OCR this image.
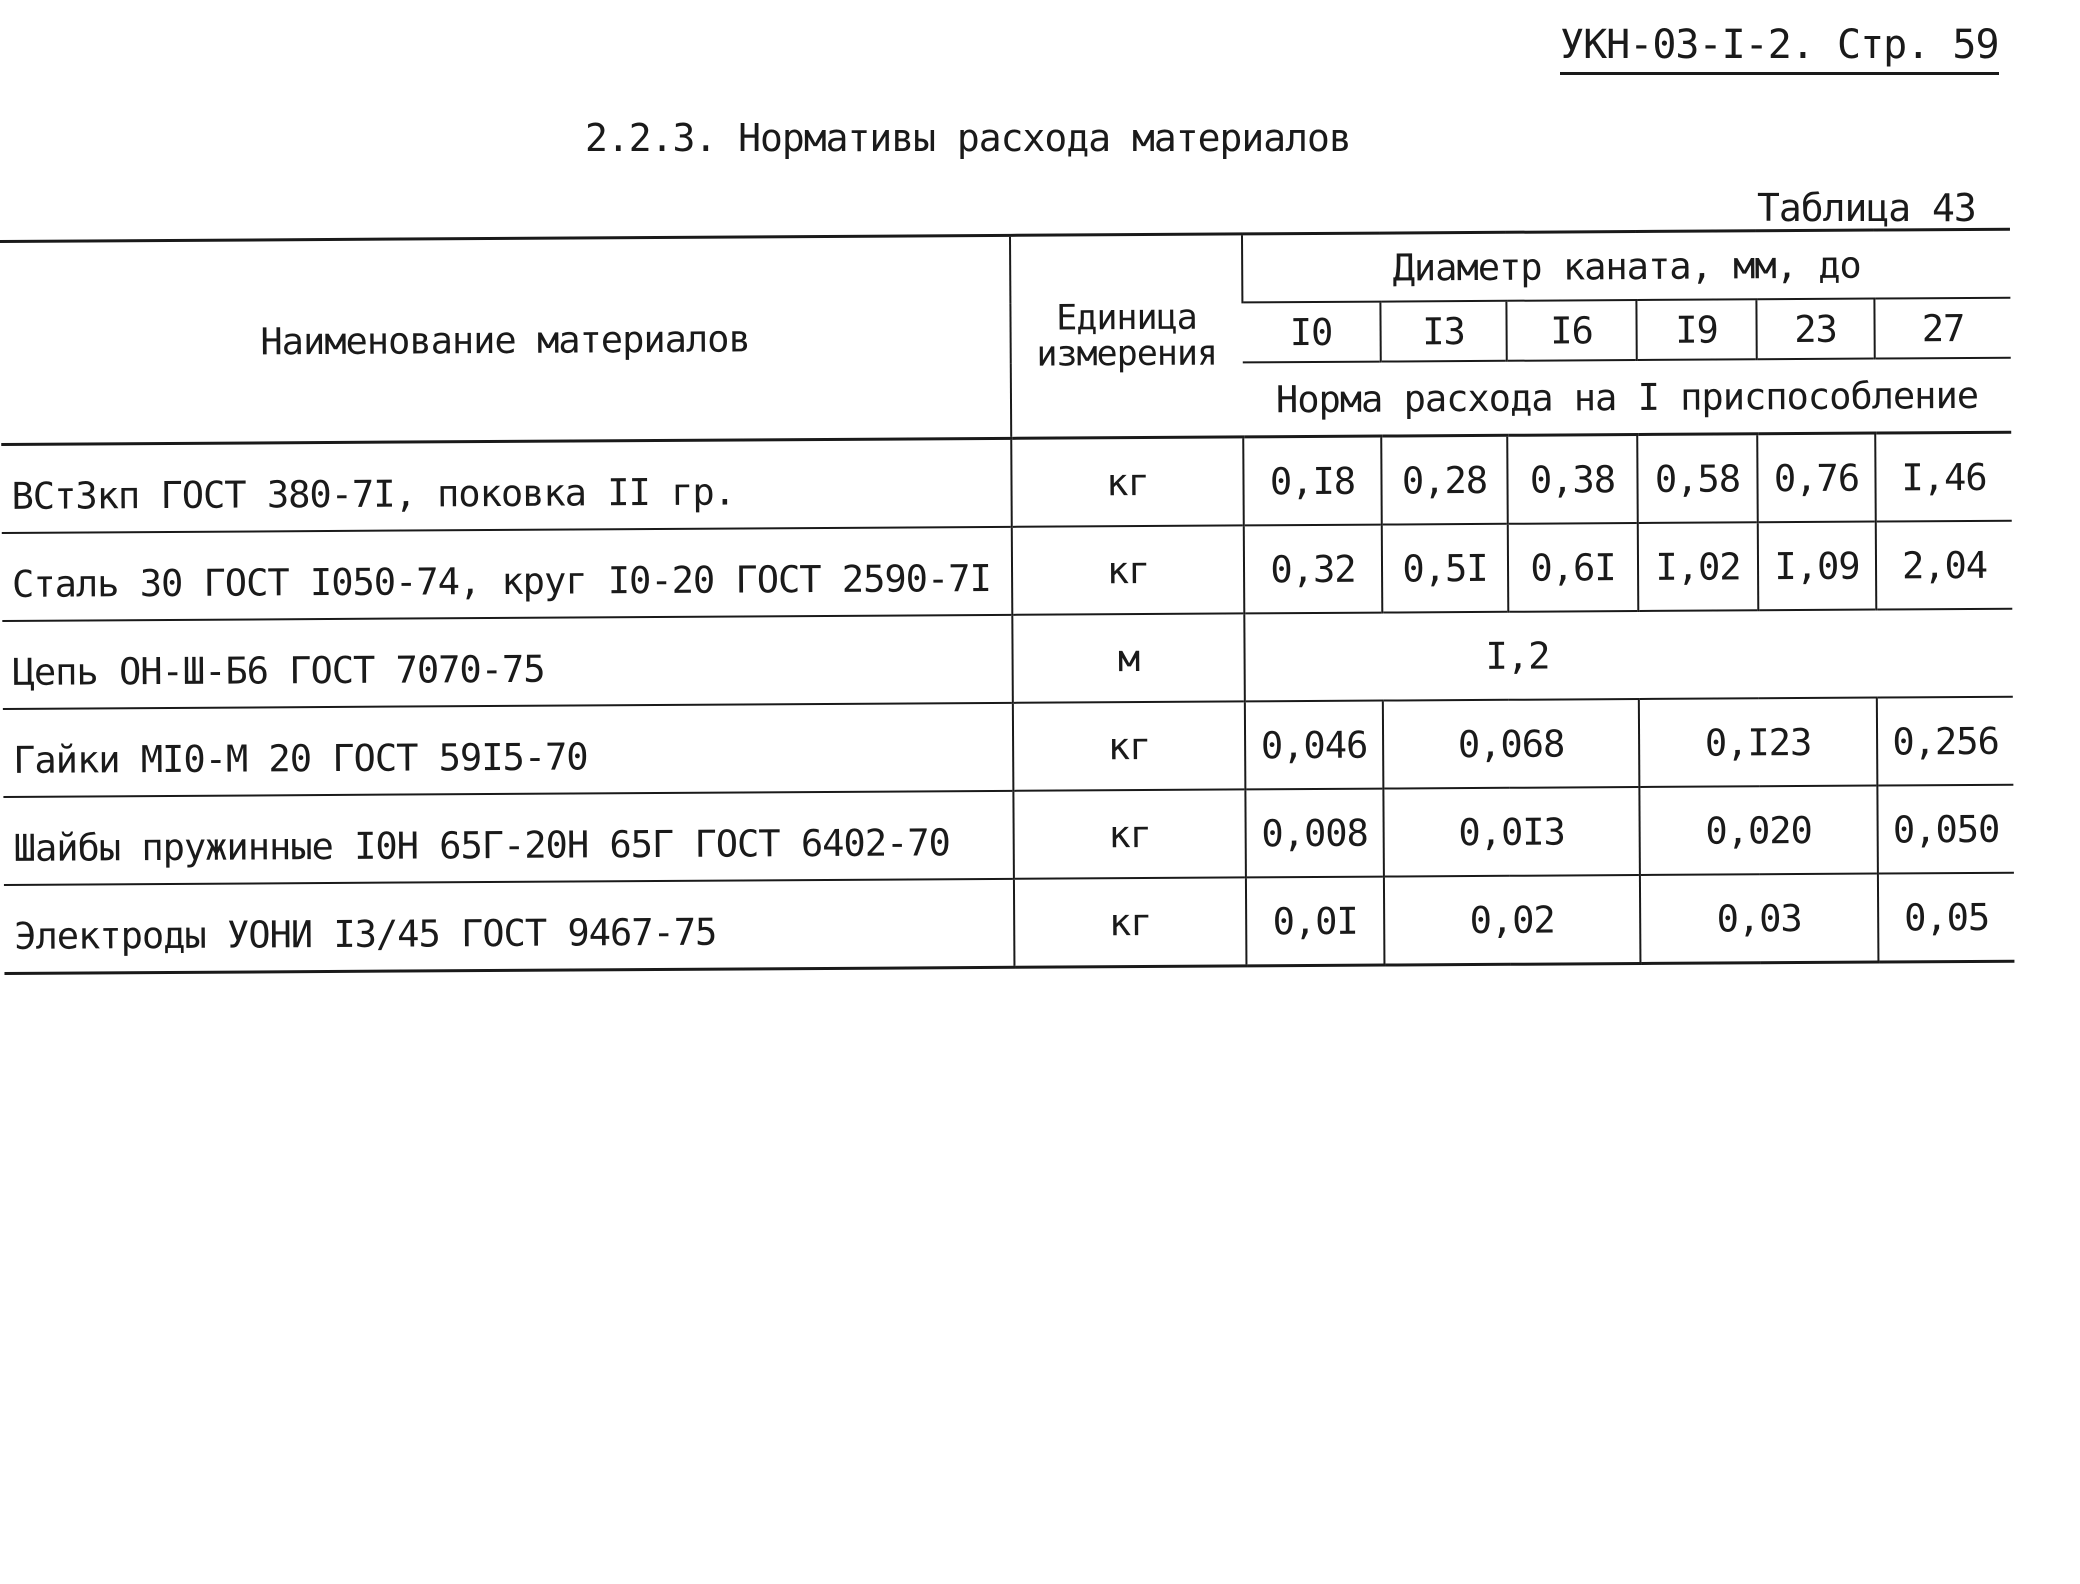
УКН-03-I-2. Стр. 59
2.2.3. Нормативы расхода материалов
Таблица 43
Наименование материалов	Единица
измерения	Диаметр каната, мм, до					
		I0	I3	I6	I9	23	27
		Норма расхода на I приспособление					
ВСт3кп ГОСТ 380-7I, поковка II гр.	кг	0,I8	0,28	0,38	0,58	0,76	I,46
Сталь 30 ГОСТ I050-74, круг I0-20 ГОСТ 2590-7I	кг	0,32	0,5I	0,6I	I,02	I,09	2,04
Цепь ОН-Ш-Б6 ГОСТ 7070-75	м	I,2					
Гайки МI0-М 20 ГОСТ 59I5-70	кг	0,046	0,068		0,I23		0,256
Шайбы пружинные I0Н 65Г-20Н 65Г ГОСТ 6402-70	кг	0,008	0,0I3		0,020		0,050
Электроды УОНИ I3/45 ГОСТ 9467-75	кг	0,0I	0,02		0,03		0,05
